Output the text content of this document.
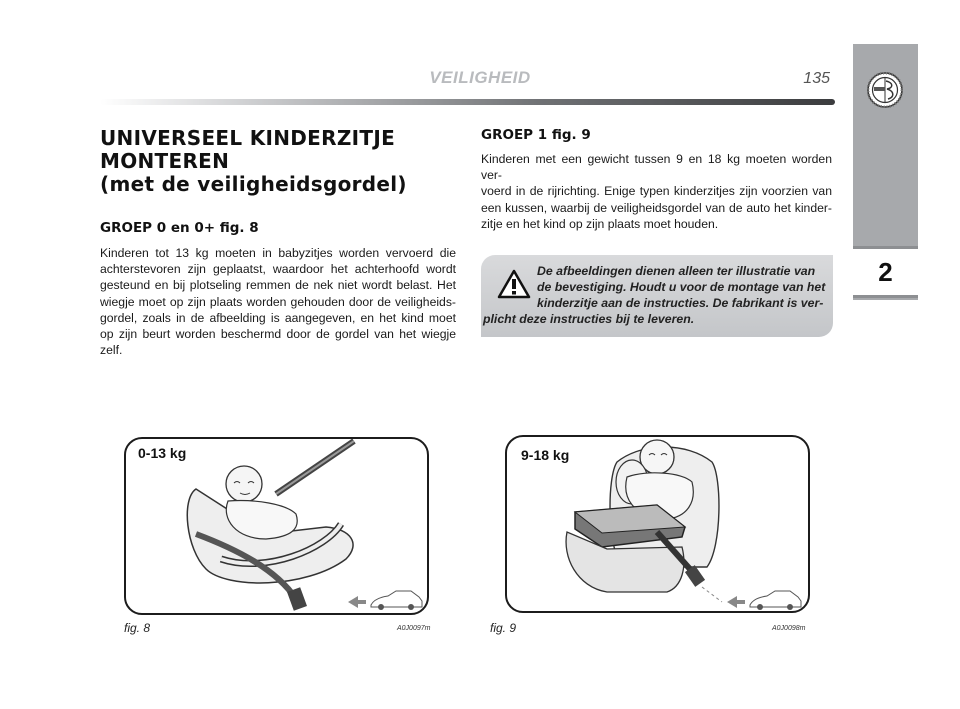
2
VEILIGHEID	135
UNIVERSEEL KINDERZITJE
MONTEREN
(met de veiligheidsgordel)
GROEP 0 en 0+ fig. 8
Kinderen tot 13 kg moeten in babyzitjes worden vervoerd die
achterstevoren zijn geplaatst, waardoor het achterhoofd wordt
gesteund en bij plotseling remmen de nek niet wordt belast. Het
wiegje moet op zijn plaats worden gehouden door de veiligheids-
gordel, zoals in de afbeelding is aangegeven, en het kind moet
op zijn beurt worden beschermd door de gordel van het wiegje zelf.
GROEP 1 fig. 9
Kinderen met een gewicht tussen 9 en 18 kg moeten worden ver-
voerd in de rijrichting. Enige typen kinderzitjes zijn voorzien van
een kussen, waarbij de veiligheidsgordel van de auto het kinder-
zitje en het kind op zijn plaats moet houden.
De afbeeldingen dienen alleen ter illustratie van
de bevestiging. Houdt u voor de montage van het
kinderzitje aan de instructies. De fabrikant is ver-
plicht deze instructies bij te leveren.
0-13 kg
fig. 8	A0J0097m
9-18 kg
fig. 9	A0J0098m
